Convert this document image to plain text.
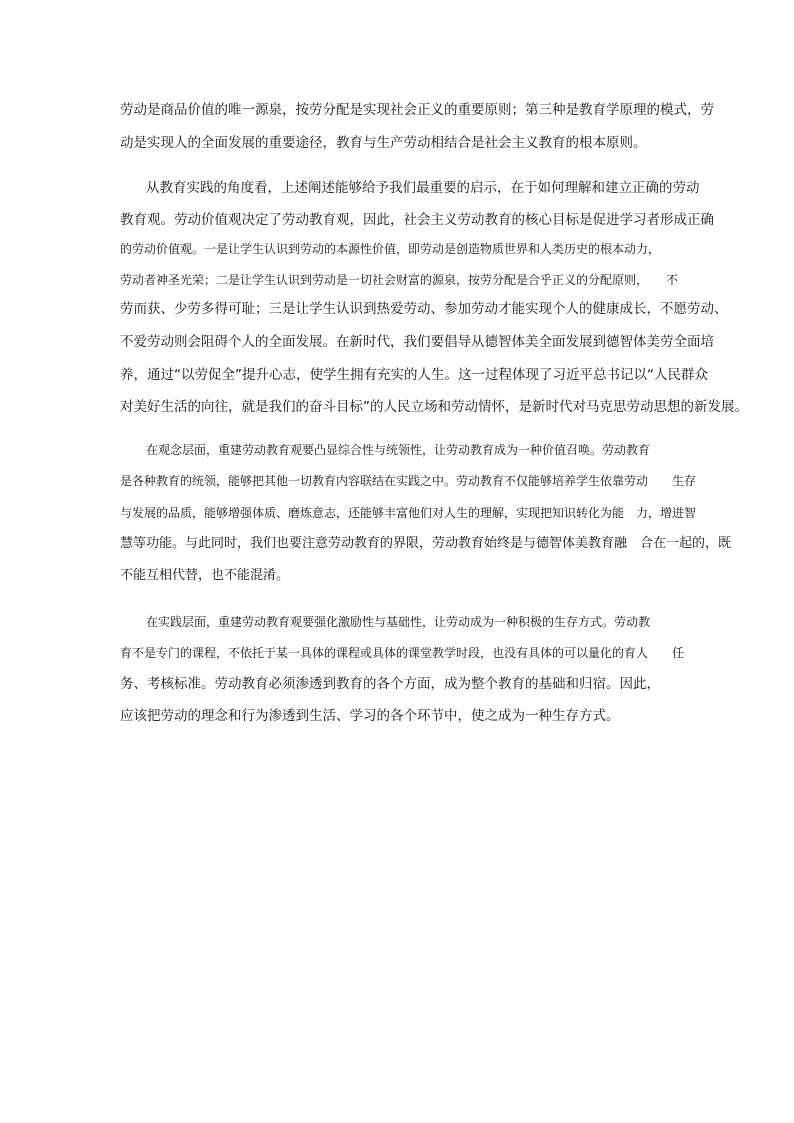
劳动是商品价值的唯一源泉，按劳分配是实现社会正义的重要原则；第三种是教育学原理的模式，劳
动是实现人的全面发展的重要途径，教育与生产劳动相结合是社会主义教育的根本原则。
从教育实践的角度看，上述阐述能够给予我们最重要的启示，在于如何理解和建立正确的劳动
教育观。劳动价值观决定了劳动教育观，因此，社会主义劳动教育的核心目标是促进学习者形成正确
的劳动价值观。一是让学生认识到劳动的本源性价值，即劳动是创造物质世界和人类历史的根本动力，
劳动者神圣光荣；二是让学生认识到劳动是一切社会财富的源泉，按劳分配是合乎正义的分配原则，　　不
劳而获、少劳多得可耻；三是让学生认识到热爱劳动、参加劳动才能实现个人的健康成长，不愿劳动、
不爱劳动则会阻碍个人的全面发展。在新时代，我们要倡导从德智体美全面发展到德智体美劳全面培
养，通过“以劳促全”提升心志，使学生拥有充实的人生。这一过程体现了习近平总书记以“人民群众
对美好生活的向往，就是我们的奋斗目标”的人民立场和劳动情怀，是新时代对马克思劳动思想的新发展。
在观念层面，重建劳动教育观要凸显综合性与统领性，让劳动教育成为一种价值召唤。劳动教育
是各种教育的统领，能够把其他一切教育内容联结在实践之中。劳动教育不仅能够培养学生依靠劳动　　生存
与发展的品质，能够增强体质、磨炼意志，还能够丰富他们对人生的理解，实现把知识转化为能　力，增进智
慧等功能。与此同时，我们也要注意劳动教育的界限，劳动教育始终是与德智体美教育融　合在一起的，既
不能互相代替，也不能混淆。
在实践层面，重建劳动教育观要强化激励性与基础性，让劳动成为一种积极的生存方式。劳动教
育不是专门的课程，不依托于某一具体的课程或具体的课堂教学时段，也没有具体的可以量化的育人　　任
务、考核标准。劳动教育必须渗透到教育的各个方面，成为整个教育的基础和归宿。因此，
应该把劳动的理念和行为渗透到生活、学习的各个环节中，使之成为一种生存方式。
